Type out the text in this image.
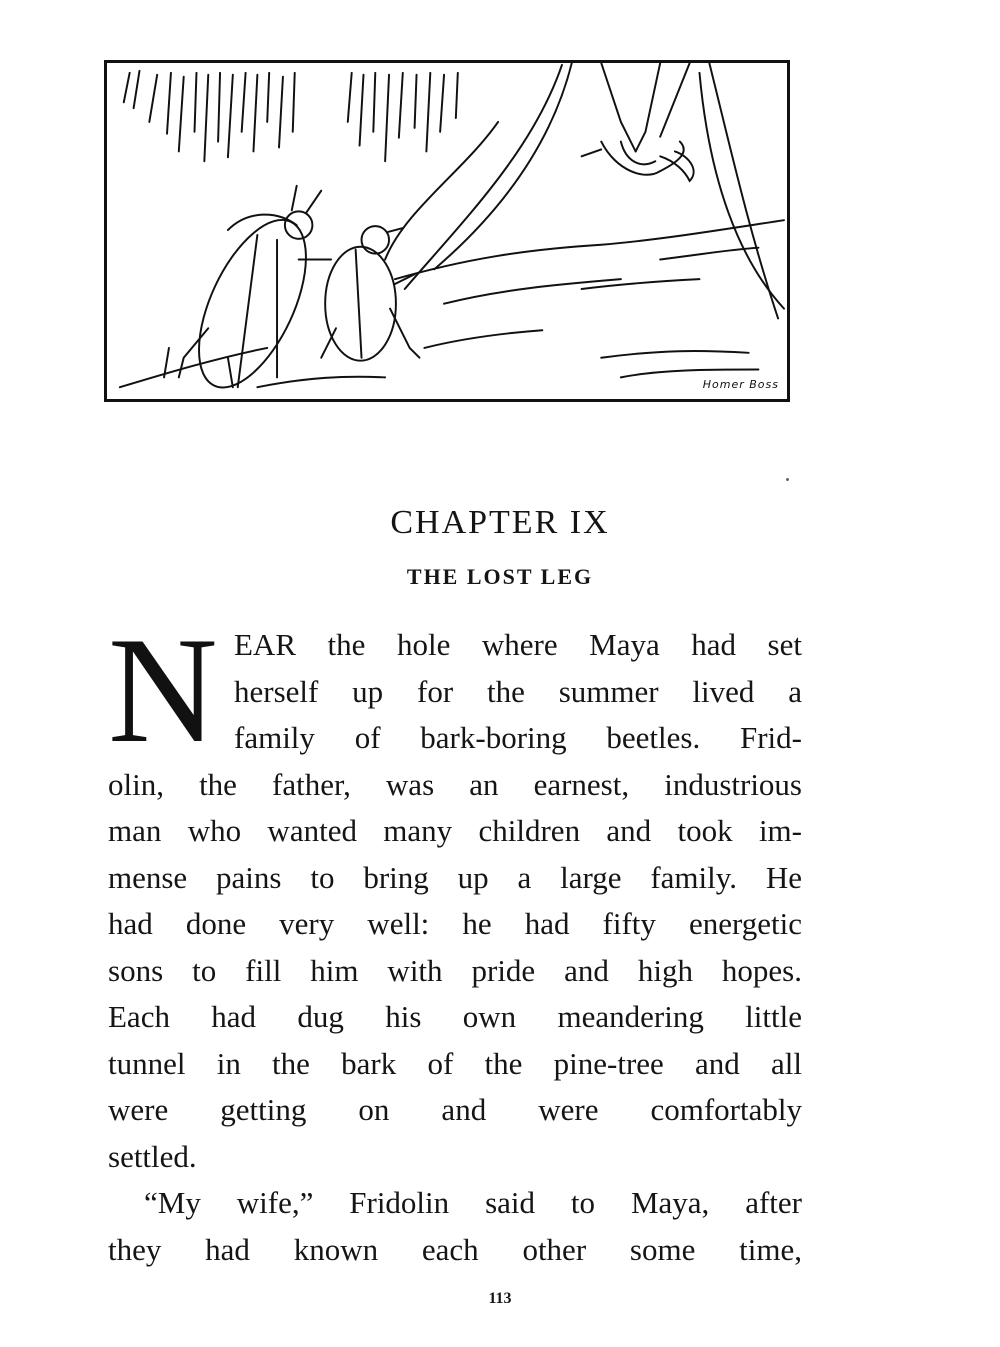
Homer Boss
CHAPTER IX
THE LOST LEG
N EAR the hole where Maya had set
herself up for the summer lived a
family of bark-boring beetles. Frid-
olin, the father, was an earnest, industrious
man who wanted many children and took im-
mense pains to bring up a large family. He
had done very well: he had fifty energetic
sons to fill him with pride and high hopes.
Each had dug his own meandering little
tunnel in the bark of the pine-tree and all
were getting on and were comfortably
settled.
“My wife,” Fridolin said to Maya, after
they had known each other some time,
113
